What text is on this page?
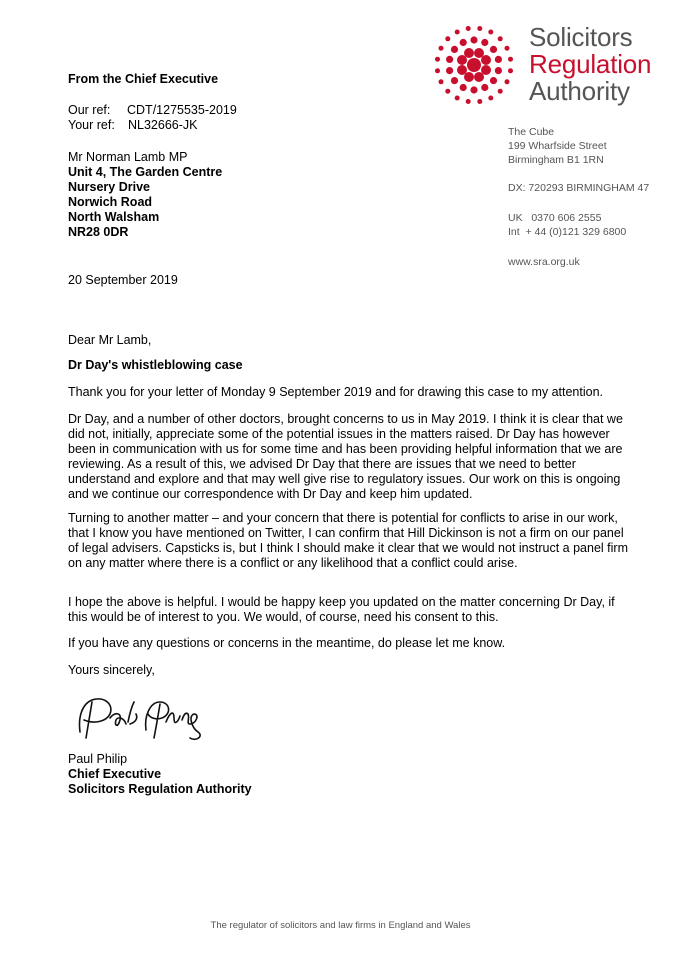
From the Chief Executive
Our ref: CDT/1275535-2019
Your ref: NL32666-JK
Mr Norman Lamb MP
Unit 4, The Garden Centre
Nursery Drive
Norwich Road
North Walsham
NR28 0DR
20 September 2019
Solicitors
Regulation
Authority
The Cube
199 Wharfside Street
Birmingham B1 1RN
DX: 720293 BIRMINGHAM 47
UK   0370 606 2555
Int  + 44 (0)121 329 6800
www.sra.org.uk
Dear Mr Lamb,
Dr Day's whistleblowing case
Thank you for your letter of Monday 9 September 2019 and for drawing this case to my attention.
Dr Day, and a number of other doctors, brought concerns to us in May 2019. I think it is clear that we did not, initially, appreciate some of the potential issues in the matters raised. Dr Day has however been in communication with us for some time and has been providing helpful information that we are reviewing. As a result of this, we advised Dr Day that there are issues that we need to better understand and explore and that may well give rise to regulatory issues. Our work on this is ongoing and we continue our correspondence with Dr Day and keep him updated.
Turning to another matter – and your concern that there is potential for conflicts to arise in our work, that I know you have mentioned on Twitter, I can confirm that Hill Dickinson is not a firm on our panel of legal advisers. Capsticks is, but I think I should make it clear that we would not instruct a panel firm on any matter where there is a conflict or any likelihood that a conflict could arise.
I hope the above is helpful. I would be happy keep you updated on the matter concerning Dr Day, if this would be of interest to you. We would, of course, need his consent to this.
If you have any questions or concerns in the meantime, do please let me know.
Yours sincerely,
Paul Philip
Chief Executive
Solicitors Regulation Authority
The regulator of solicitors and law firms in England and Wales
